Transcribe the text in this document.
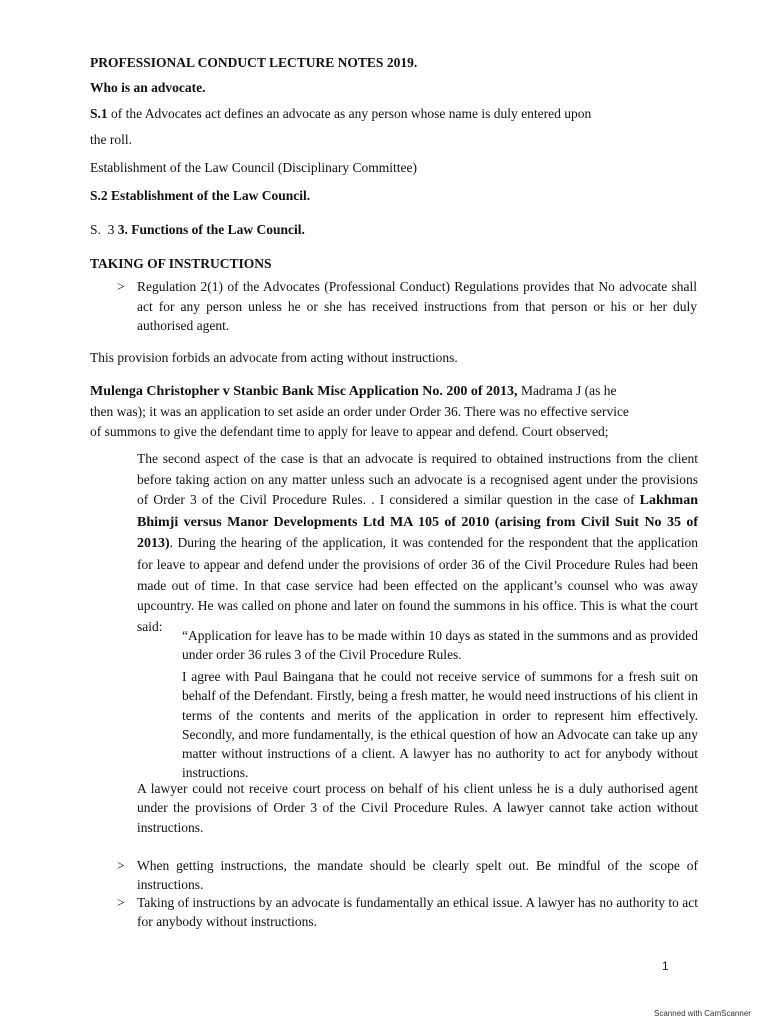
PROFESSIONAL CONDUCT LECTURE NOTES 2019.
Who is an advocate.
S.1 of the Advocates act defines an advocate as any person whose name is duly entered upon
the roll.
Establishment of the Law Council (Disciplinary Committee)
S.2 Establishment of the Law Council.
S.  3 3. Functions of the Law Council.
TAKING OF INSTRUCTIONS
> Regulation 2(1) of the Advocates (Professional Conduct) Regulations provides that No advocate shall act for any person unless he or she has received instructions from that person or his or her duly authorised agent.
This provision forbids an advocate from acting without instructions.
Mulenga Christopher v Stanbic Bank Misc Application No. 200 of 2013, Madrama J (as he
then was); it was an application to set aside an order under Order 36. There was no effective service
of summons to give the defendant time to apply for leave to appear and defend. Court observed;
The second aspect of the case is that an advocate is required to obtained instructions from the client before taking action on any matter unless such an advocate is a recognised agent under the provisions of Order 3 of the Civil Procedure Rules. . I considered a similar question in the case of Lakhman Bhimji versus Manor Developments Ltd MA 105 of 2010 (arising from Civil Suit No 35 of 2013). During the hearing of the application, it was contended for the respondent that the application for leave to appear and defend under the provisions of order 36 of the Civil Procedure Rules had been made out of time. In that case service had been effected on the applicant’s counsel who was away upcountry. He was called on phone and later on found the summons in his office. This is what the court said:
“Application for leave has to be made within 10 days as stated in the summons and as provided under order 36 rules 3 of the Civil Procedure Rules.
I agree with Paul Baingana that he could not receive service of summons for a fresh suit on behalf of the Defendant. Firstly, being a fresh matter, he would need instructions of his client in terms of the contents and merits of the application in order to represent him effectively. Secondly, and more fundamentally, is the ethical question of how an Advocate can take up any matter without instructions of a client. A lawyer has no authority to act for anybody without instructions.
A lawyer could not receive court process on behalf of his client unless he is a duly authorised agent under the provisions of Order 3 of the Civil Procedure Rules. A lawyer cannot take action without instructions.
> When getting instructions, the mandate should be clearly spelt out. Be mindful of the scope of instructions.
> Taking of instructions by an advocate is fundamentally an ethical issue. A lawyer has no authority to act for anybody without instructions.
1
Scanned with CamScanner
